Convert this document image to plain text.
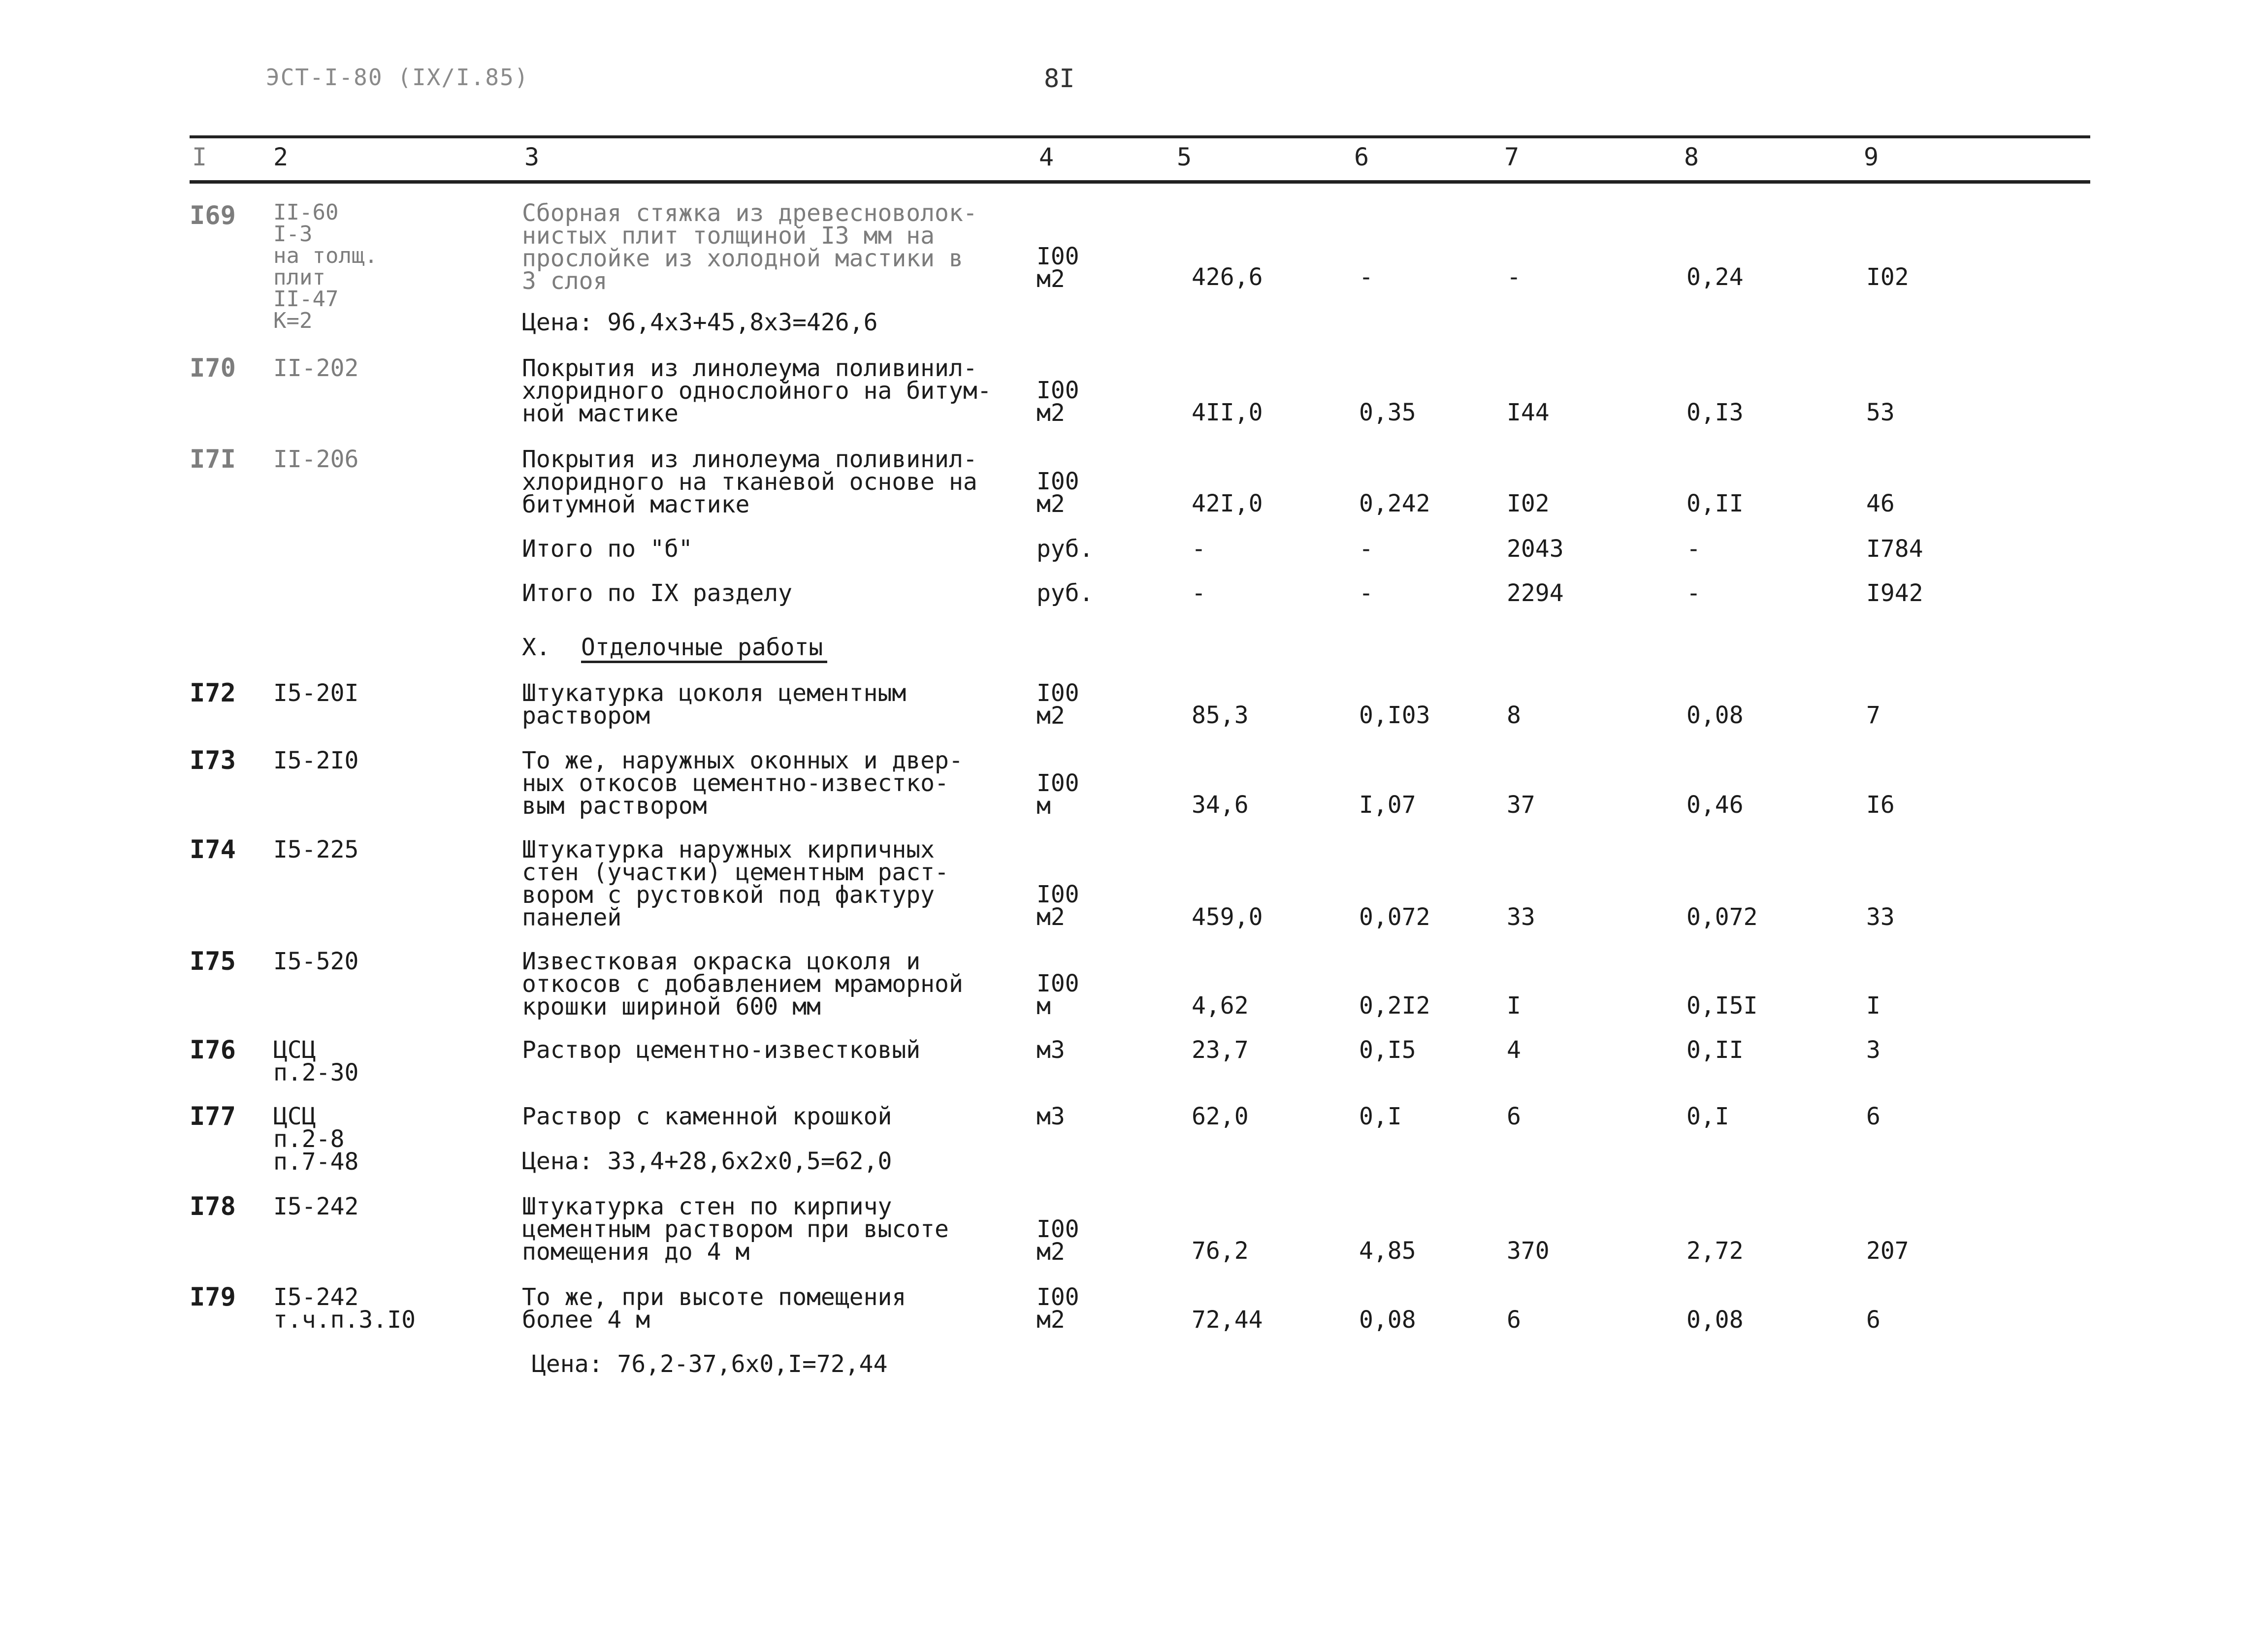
ЭСТ-I-80 (IX/I.85)	8I
I	2	3	4	5	6	7	8	9
I69 II-60
I-3
на толщ.
плит
II-47
К=2
Сборная стяжка из древесноволок-
нистых плит толщиной I3 мм на
прослойке из холодной мастики в
3 слоя
I00
м2	426,6	-	-	0,24	I02
Цена: 96,4x3+45,8x3=426,6
I70 II-202	Покрытия из линолеума поливинил-
хлоридного однослойного на битум-
ной мастике
I00
м2	4II,0	0,35	I44	0,I3	53
I7I II-206	Покрытия из линолеума поливинил-
хлоридного на тканевой основе на
битумной мастике
I00
м2	42I,0	0,242	I02	0,II	46
Итого по "б"	руб.	-	-	2043	-	I784
Итого по IX разделу	руб.	-	-	2294	-	I942
X. Отделочные работы
I72 I5-20I	Штукатурка цоколя цементным
раствором
I00
м2	85,3	0,I03	8	0,08	7
I73 I5-2I0	То же, наружных оконных и двер-
ных откосов цементно-известко-
вым раствором
I00
м	34,6	I,07	37	0,46	I6
I74 I5-225	Штукатурка наружных кирпичных
стен (участки) цементным раст-
вором с рустовкой под фактуру
панелей
I00
м2	459,0	0,072	33	0,072	33
I75 I5-520	Известковая окраска цоколя и
откосов с добавлением мраморной
крошки шириной 600 мм
I00
м	4,62	0,2I2	I	0,I5I	I
I76 ЦСЦ
п.2-30
Раствор цементно-известковый	м3	23,7	0,I5	4	0,II	3
I77 ЦСЦ
п.2-8
п.7-48
Раствор с каменной крошкой	м3	62,0	0,I	6	0,I	6
Цена: 33,4+28,6x2x0,5=62,0
I78 I5-242	Штукатурка стен по кирпичу
цементным раствором при высоте
помещения до 4 м
I00
м2	76,2	4,85	370	2,72	207
I79 I5-242
т.ч.п.3.I0
То же, при высоте помещения
более 4 м
I00
м2	72,44	0,08	6	0,08	6
Цена: 76,2-37,6x0,I=72,44
